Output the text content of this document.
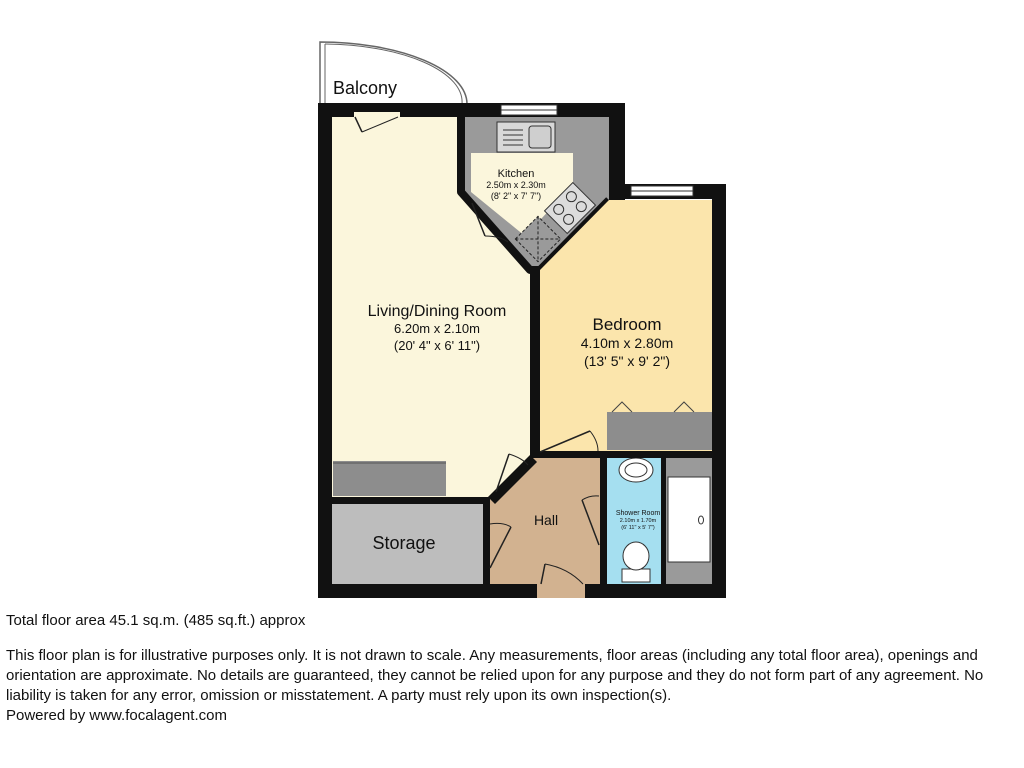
Balcony
Kitchen
2.50m x 2.30m
(8' 2" x 7' 7")
Living/Dining Room
6.20m x 2.10m
(20' 4" x 6' 11")
Bedroom
4.10m x 2.80m
(13' 5" x 9' 2")
Hall
Storage
Shower Room
2.10m x 1.70m
(6' 11" x 5' 7")
Total floor area 45.1 sq.m. (485 sq.ft.) approx
This floor plan is for illustrative purposes only. It is not drawn to scale. Any measurements, floor areas (including any total floor area), openings and orientation are approximate. No details are guaranteed, they cannot be relied upon for any purpose and they do not form part of any agreement. No liability is taken for any error, omission or misstatement. A party must rely upon its own inspection(s).
Powered by www.focalagent.com
